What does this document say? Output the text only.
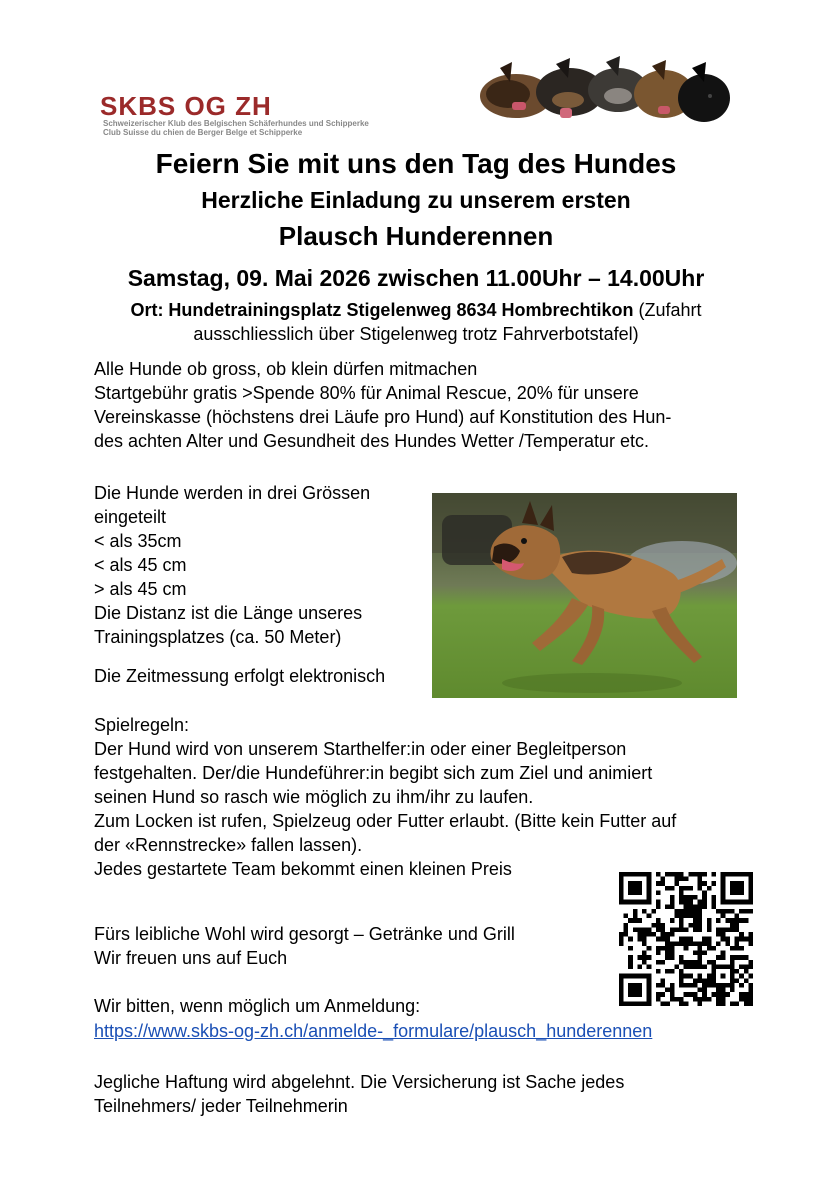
SKBS OG ZH
Schweizerischer Klub des Belgischen Schäferhundes und Schipperke
Club Suisse du chien de Berger Belge et Schipperke
Feiern Sie mit uns den Tag des Hundes
Herzliche Einladung zu unserem ersten
Plausch Hunderennen
Samstag, 09. Mai 2026 zwischen 11.00Uhr – 14.00Uhr
Ort: Hundetrainingsplatz Stigelenweg 8634 Hombrechtikon (Zufahrt
ausschliesslich über Stigelenweg trotz Fahrverbotstafel)
Alle Hunde ob gross, ob klein dürfen mitmachen
Startgebühr gratis >Spende 80% für Animal Rescue, 20% für unsere
Vereinskasse (höchstens drei Läufe pro Hund) auf Konstitution des Hun-
des achten Alter und Gesundheit des Hundes Wetter /Temperatur etc.
Die Hunde werden in drei Grössen
eingeteilt
< als 35cm
< als 45 cm
> als 45 cm
Die Distanz ist die Länge unseres
Trainingsplatzes (ca. 50 Meter)
Die Zeitmessung erfolgt elektronisch
Spielregeln:
Der Hund wird von unserem Starthelfer:in oder einer Begleitperson
festgehalten. Der/die Hundeführer:in begibt sich zum Ziel und animiert
seinen Hund so rasch wie möglich zu ihm/ihr zu laufen.
Zum Locken ist rufen, Spielzeug oder Futter erlaubt. (Bitte kein Futter auf
der «Rennstrecke» fallen lassen).
Jedes gestartete Team bekommt einen kleinen Preis
Fürs leibliche Wohl wird gesorgt – Getränke und Grill
Wir freuen uns auf Euch
Wir bitten, wenn möglich um Anmeldung:
https://www.skbs-og-zh.ch/anmelde-_formulare/plausch_hunderennen
Jegliche Haftung wird abgelehnt. Die Versicherung ist Sache jedes
Teilnehmers/ jeder Teilnehmerin
